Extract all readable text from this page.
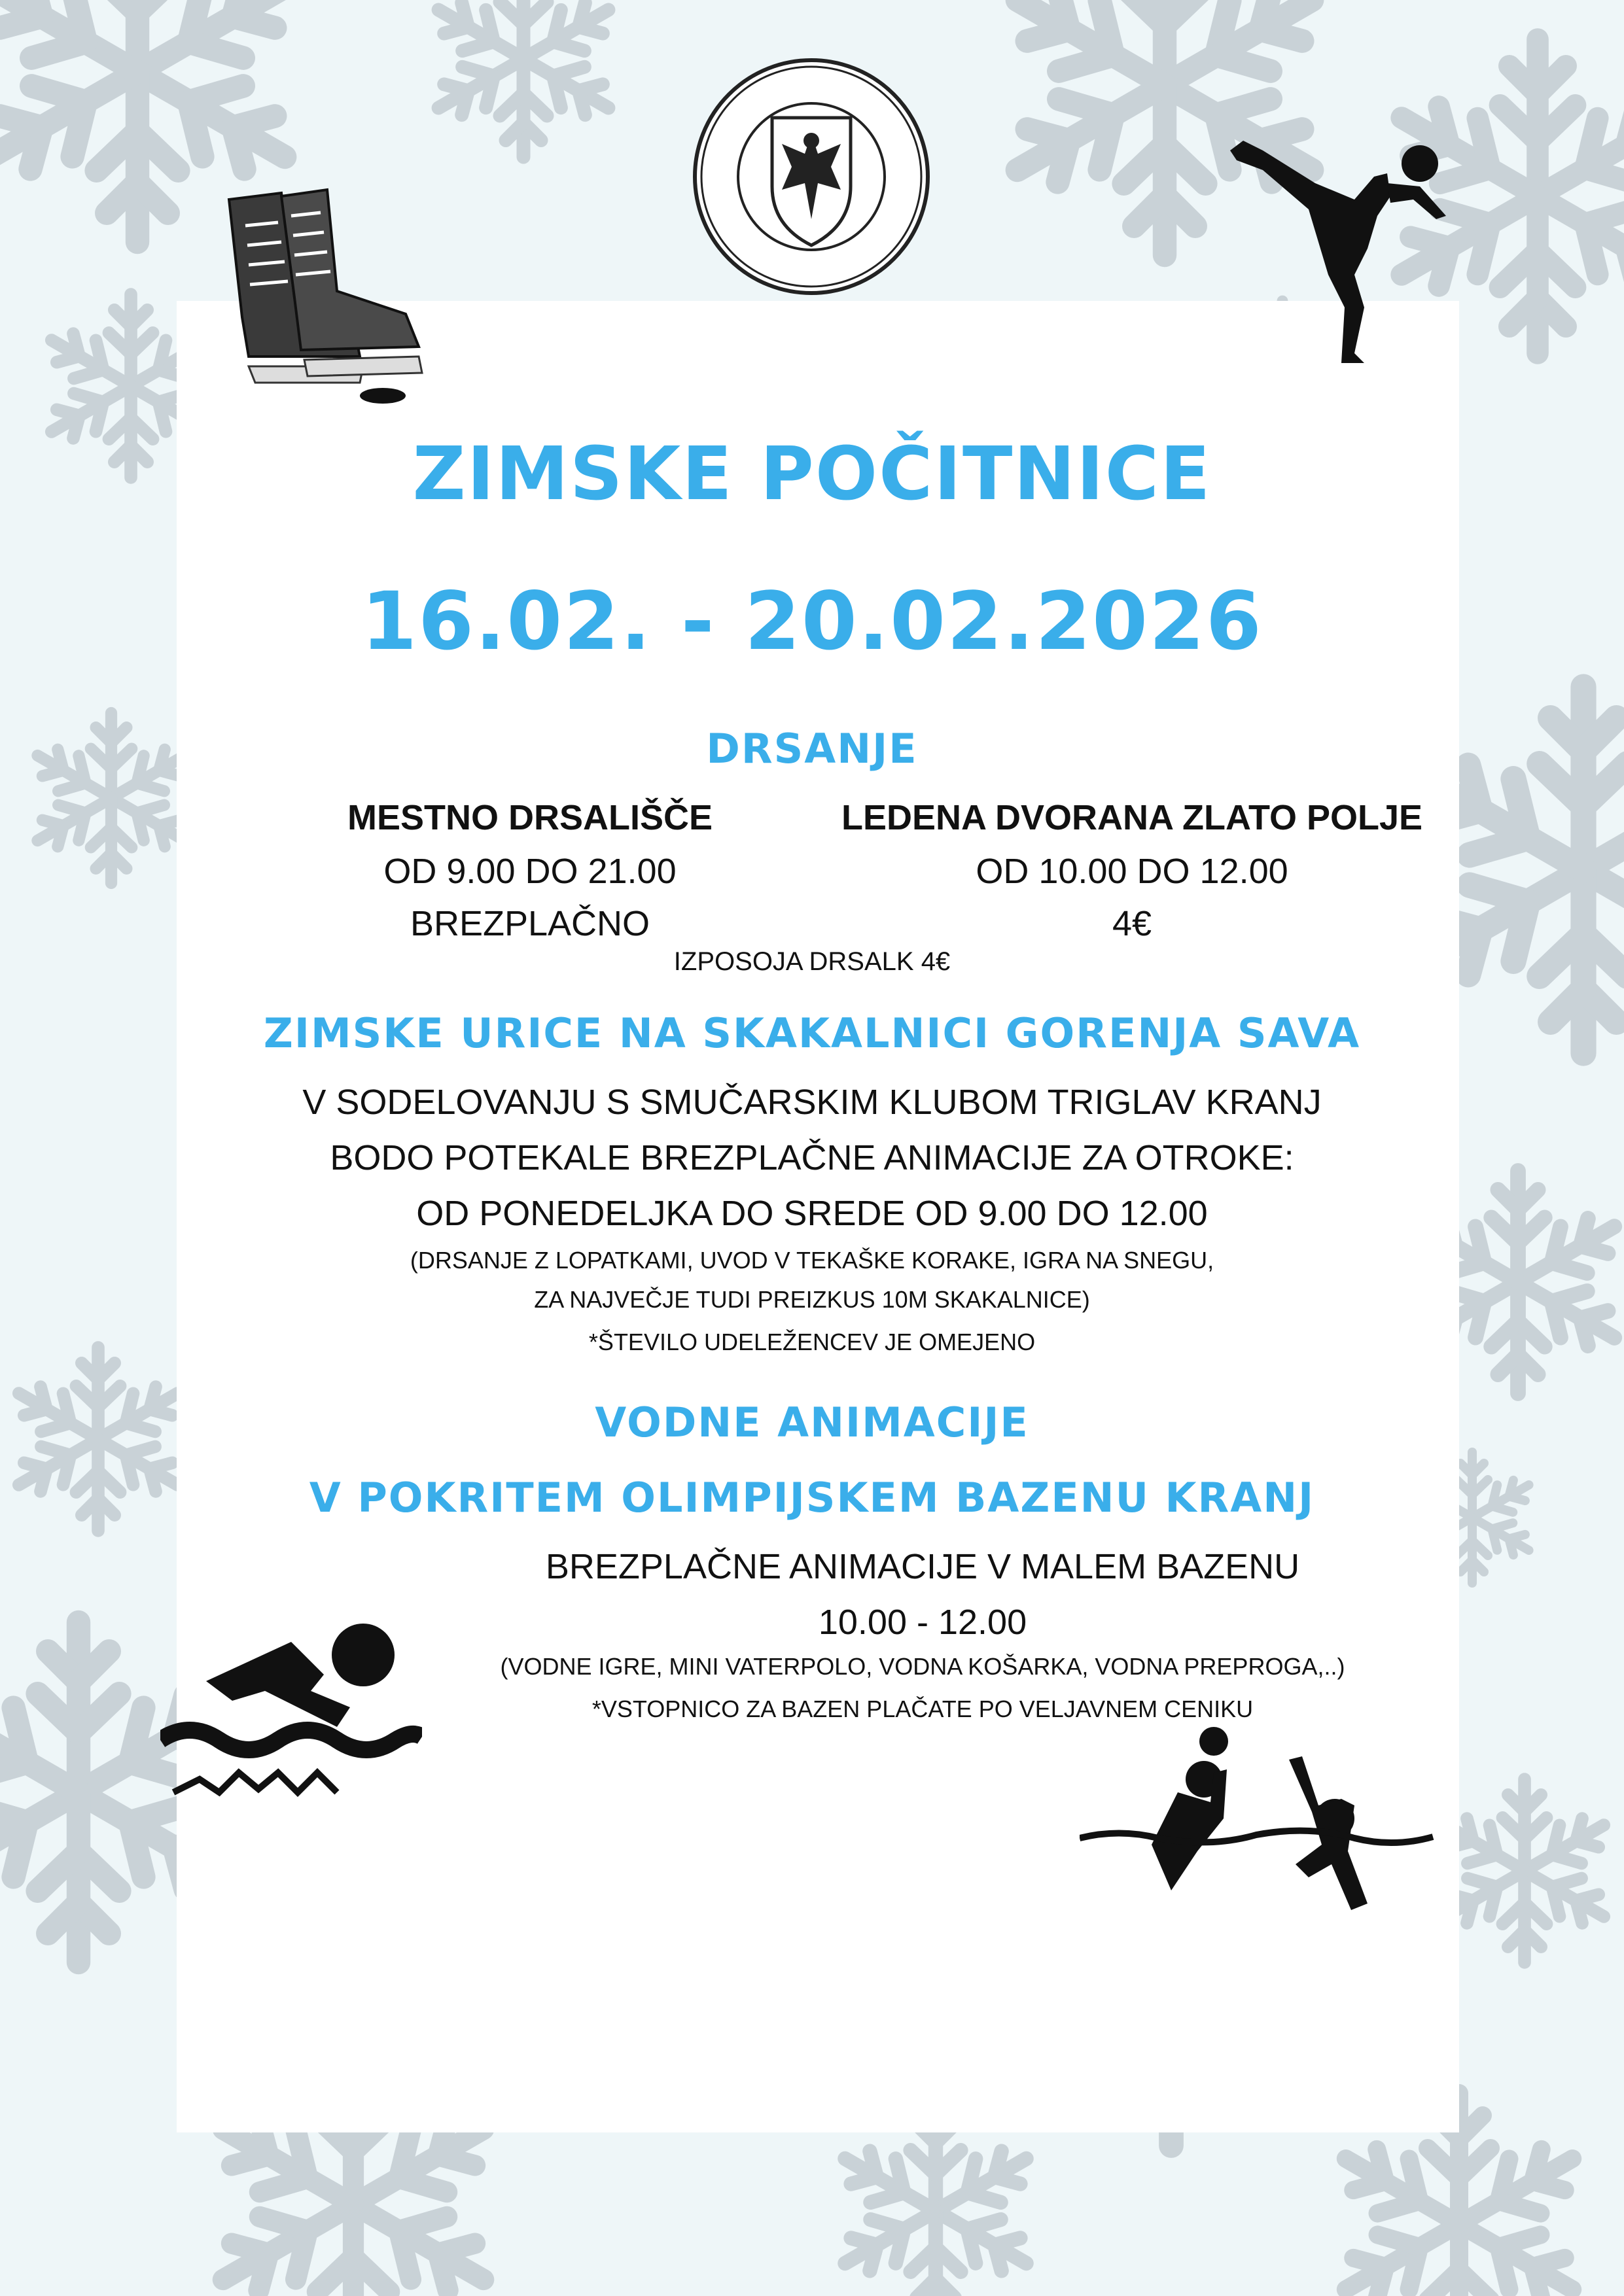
ZIMSKE POČITNICE
16.02. - 20.02.2026
DRSANJE
MESTNO DRSALIŠČE
OD 9.00 DO 21.00
BREZPLAČNO
LEDENA DVORANA ZLATO POLJE
OD 10.00 DO 12.00
4€
IZPOSOJA DRSALK 4€
ZIMSKE URICE NA SKAKALNICI GORENJA SAVA
V SODELOVANJU S SMUČARSKIM KLUBOM TRIGLAV KRANJ
BODO POTEKALE BREZPLAČNE ANIMACIJE ZA OTROKE:
OD PONEDELJKA DO SREDE OD 9.00 DO 12.00
(DRSANJE Z LOPATKAMI, UVOD V TEKAŠKE KORAKE, IGRA NA SNEGU,
ZA NAJVEČJE TUDI PREIZKUS 10M SKAKALNICE)
*ŠTEVILO UDELEŽENCEV JE OMEJENO
VODNE ANIMACIJE
V POKRITEM OLIMPIJSKEM BAZENU KRANJ
BREZPLAČNE ANIMACIJE V MALEM BAZENU
10.00 - 12.00
(VODNE IGRE, MINI VATERPOLO, VODNA KOŠARKA, VODNA PREPROGA,..)
*VSTOPNICO ZA BAZEN PLAČATE PO VELJAVNEM CENIKU
